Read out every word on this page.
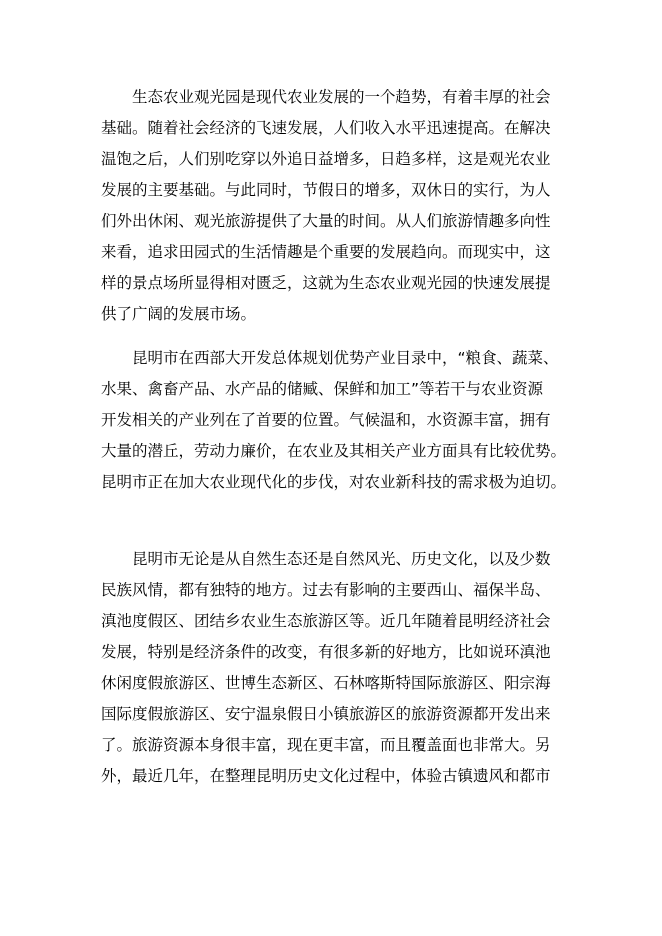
生态农业观光园是现代农业发展的一个趋势，有着丰厚的社会
基础。随着社会经济的飞速发展，人们收入水平迅速提高。在解决
温饱之后，人们别吃穿以外追日益增多，日趋多样，这是观光农业
发展的主要基础。与此同时，节假日的增多，双休日的实行，为人
们外出休闲、观光旅游提供了大量的时间。从人们旅游情趣多向性
来看，追求田园式的生活情趣是个重要的发展趋向。而现实中，这
样的景点场所显得相对匮乏，这就为生态农业观光园的快速发展提
供了广阔的发展市场。
昆明市在西部大开发总体规划优势产业目录中，“粮食、蔬菜、
水果、禽畜产品、水产品的储臧、保鲜和加工”等若干与农业资源
开发相关的产业列在了首要的位置。气候温和，水资源丰富，拥有
大量的潜丘，劳动力廉价，在农业及其相关产业方面具有比较优势。
昆明市正在加大农业现代化的步伐，对农业新科技的需求极为迫切。
昆明市无论是从自然生态还是自然风光、历史文化，以及少数
民族风情，都有独特的地方。过去有影响的主要西山、福保半岛、
滇池度假区、团结乡农业生态旅游区等。近几年随着昆明经济社会
发展，特别是经济条件的改变，有很多新的好地方，比如说环滇池
休闲度假旅游区、世博生态新区、石林喀斯特国际旅游区、阳宗海
国际度假旅游区、安宁温泉假日小镇旅游区的旅游资源都开发出来
了。旅游资源本身很丰富，现在更丰富，而且覆盖面也非常大。另
外，最近几年，在整理昆明历史文化过程中，体验古镇遗风和都市
